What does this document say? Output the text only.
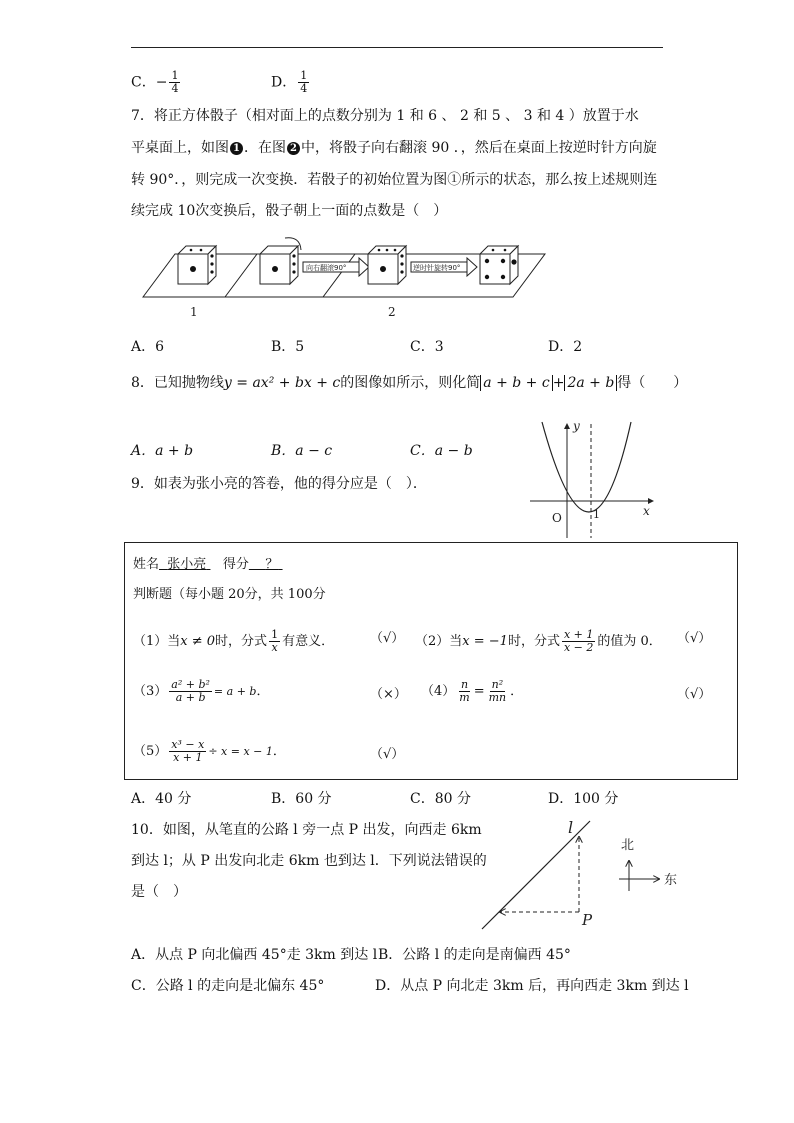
C．− $\frac{1}{4}$	D． $\frac{1}{4}$
7．将正方体骰子（相对面上的点数分别为 1 和 6 、 2 和 5 、 3 和 4 ）放置于水
平桌面上，如图 1 ．在图 2 中，将骰子向右翻滚 90 ．，然后在桌面上按逆时针方向旋
转 90°．，则完成一次变换．若骰子的初始位置为图①所示的状态，那么按上述规则连
续完成 10次变换后，骰子朝上一面的点数是（　）
向右翻滚90°	逆时针旋转90°
1	2
A．6	B．5	C．3	D．2
8．已知抛物线y = ax² + bx + c的图像如所示，则化简 a + b + c + 2a + b 得（　　）
A．a + b	B．a − c	C．a − b
y
x
O	1
9．如表为张小亮的答卷，他的得分应是（　）．
姓名 张小亮 得分 ？
判断题（每小题 20分，共 100分
（1）当x ≠ 0时，分式 $\frac{1}{x}$ 有意义．	（√） （2）当x = −1时，分式 $\frac{x + 1}{x - 2}$ 的值为 0． （√）
$(3) \frac{\text{a² + b²}}{a + b} = a + b$．	（×） $(4) \frac{n}{m} = \frac{\text{n²}}{mn}$ ．	（√）
$(5) \frac{\text{x³ − x}}{x + 1} \div x = x - 1$．	（√）
A．40 分	B．60 分	C．80 分	D．100 分
10．如图，从笔直的公路 l 旁一点 P 出发，向西走 6km
到达 l；从 P 出发向北走 6km 也到达 l．下列说法错误的
是（　）
l
P
北
东
A．从点 P 向北偏西 45°走 3km 到达 l B．公路 l 的走向是南偏西 45°
C．公路 l 的走向是北偏东 45°	D．从点 P 向北走 3km 后，再向西走 3km 到达 l
